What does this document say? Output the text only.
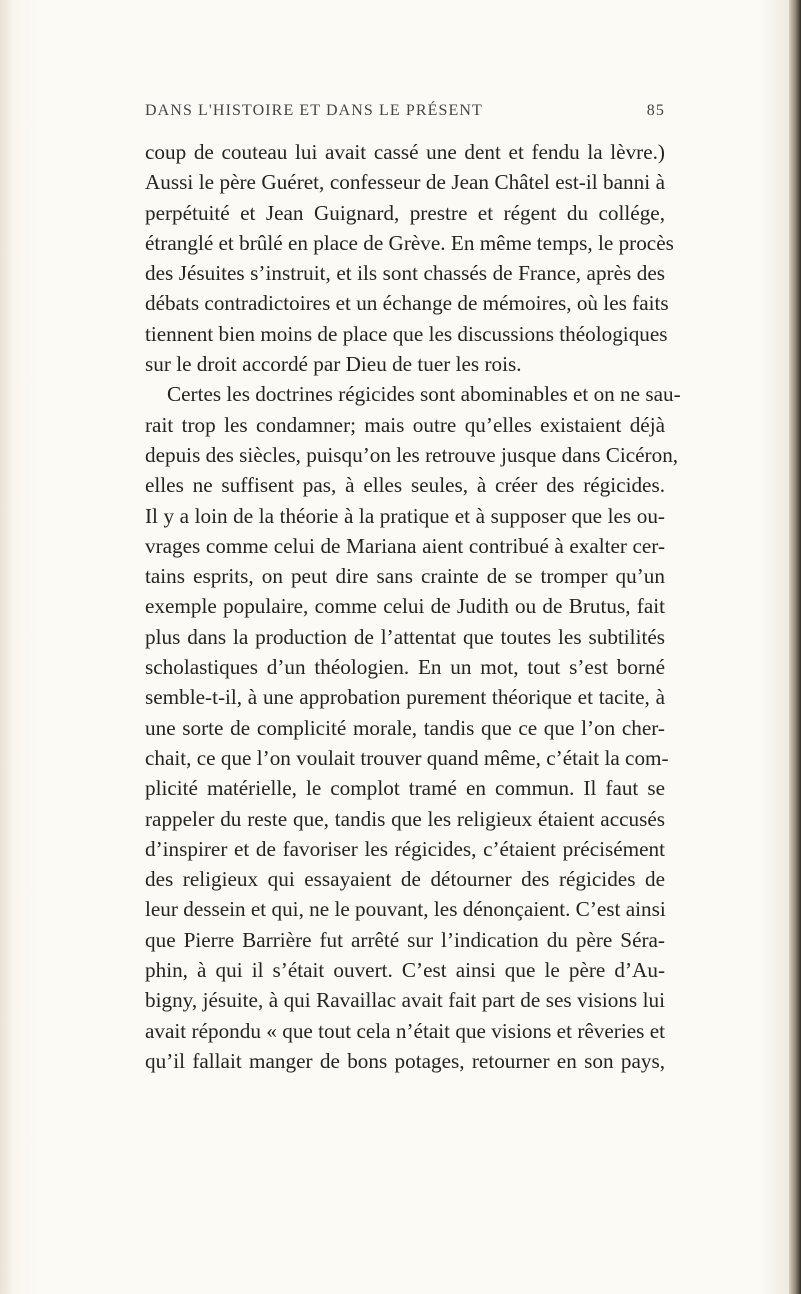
DANS L'HISTOIRE ET DANS LE PRÉSENT	85
coup de couteau lui avait cassé une dent et fendu la lèvre.)
Aussi le père Guéret, confesseur de Jean Châtel est-il banni à
perpétuité et Jean Guignard, prestre et régent du collége,
étranglé et brûlé en place de Grève. En même temps, le procès
des Jésuites s’instruit, et ils sont chassés de France, après des
débats contradictoires et un échange de mémoires, où les faits
tiennent bien moins de place que les discussions théologiques
sur le droit accordé par Dieu de tuer les rois.
Certes les doctrines régicides sont abominables et on ne sau-
rait trop les condamner; mais outre qu’elles existaient déjà
depuis des siècles, puisqu’on les retrouve jusque dans Cicéron,
elles ne suffisent pas, à elles seules, à créer des régicides.
Il y a loin de la théorie à la pratique et à supposer que les ou-
vrages comme celui de Mariana aient contribué à exalter cer-
tains esprits, on peut dire sans crainte de se tromper qu’un
exemple populaire, comme celui de Judith ou de Brutus, fait
plus dans la production de l’attentat que toutes les subtilités
scholastiques d’un théologien. En un mot, tout s’est borné
semble-t-il, à une approbation purement théorique et tacite, à
une sorte de complicité morale, tandis que ce que l’on cher-
chait, ce que l’on voulait trouver quand même, c’était la com-
plicité matérielle, le complot tramé en commun. Il faut se
rappeler du reste que, tandis que les religieux étaient accusés
d’inspirer et de favoriser les régicides, c’étaient précisément
des religieux qui essayaient de détourner des régicides de
leur dessein et qui, ne le pouvant, les dénonçaient. C’est ainsi
que Pierre Barrière fut arrêté sur l’indication du père Séra-
phin, à qui il s’était ouvert. C’est ainsi que le père d’Au-
bigny, jésuite, à qui Ravaillac avait fait part de ses visions lui
avait répondu « que tout cela n’était que visions et rêveries et
qu’il fallait manger de bons potages, retourner en son pays,
